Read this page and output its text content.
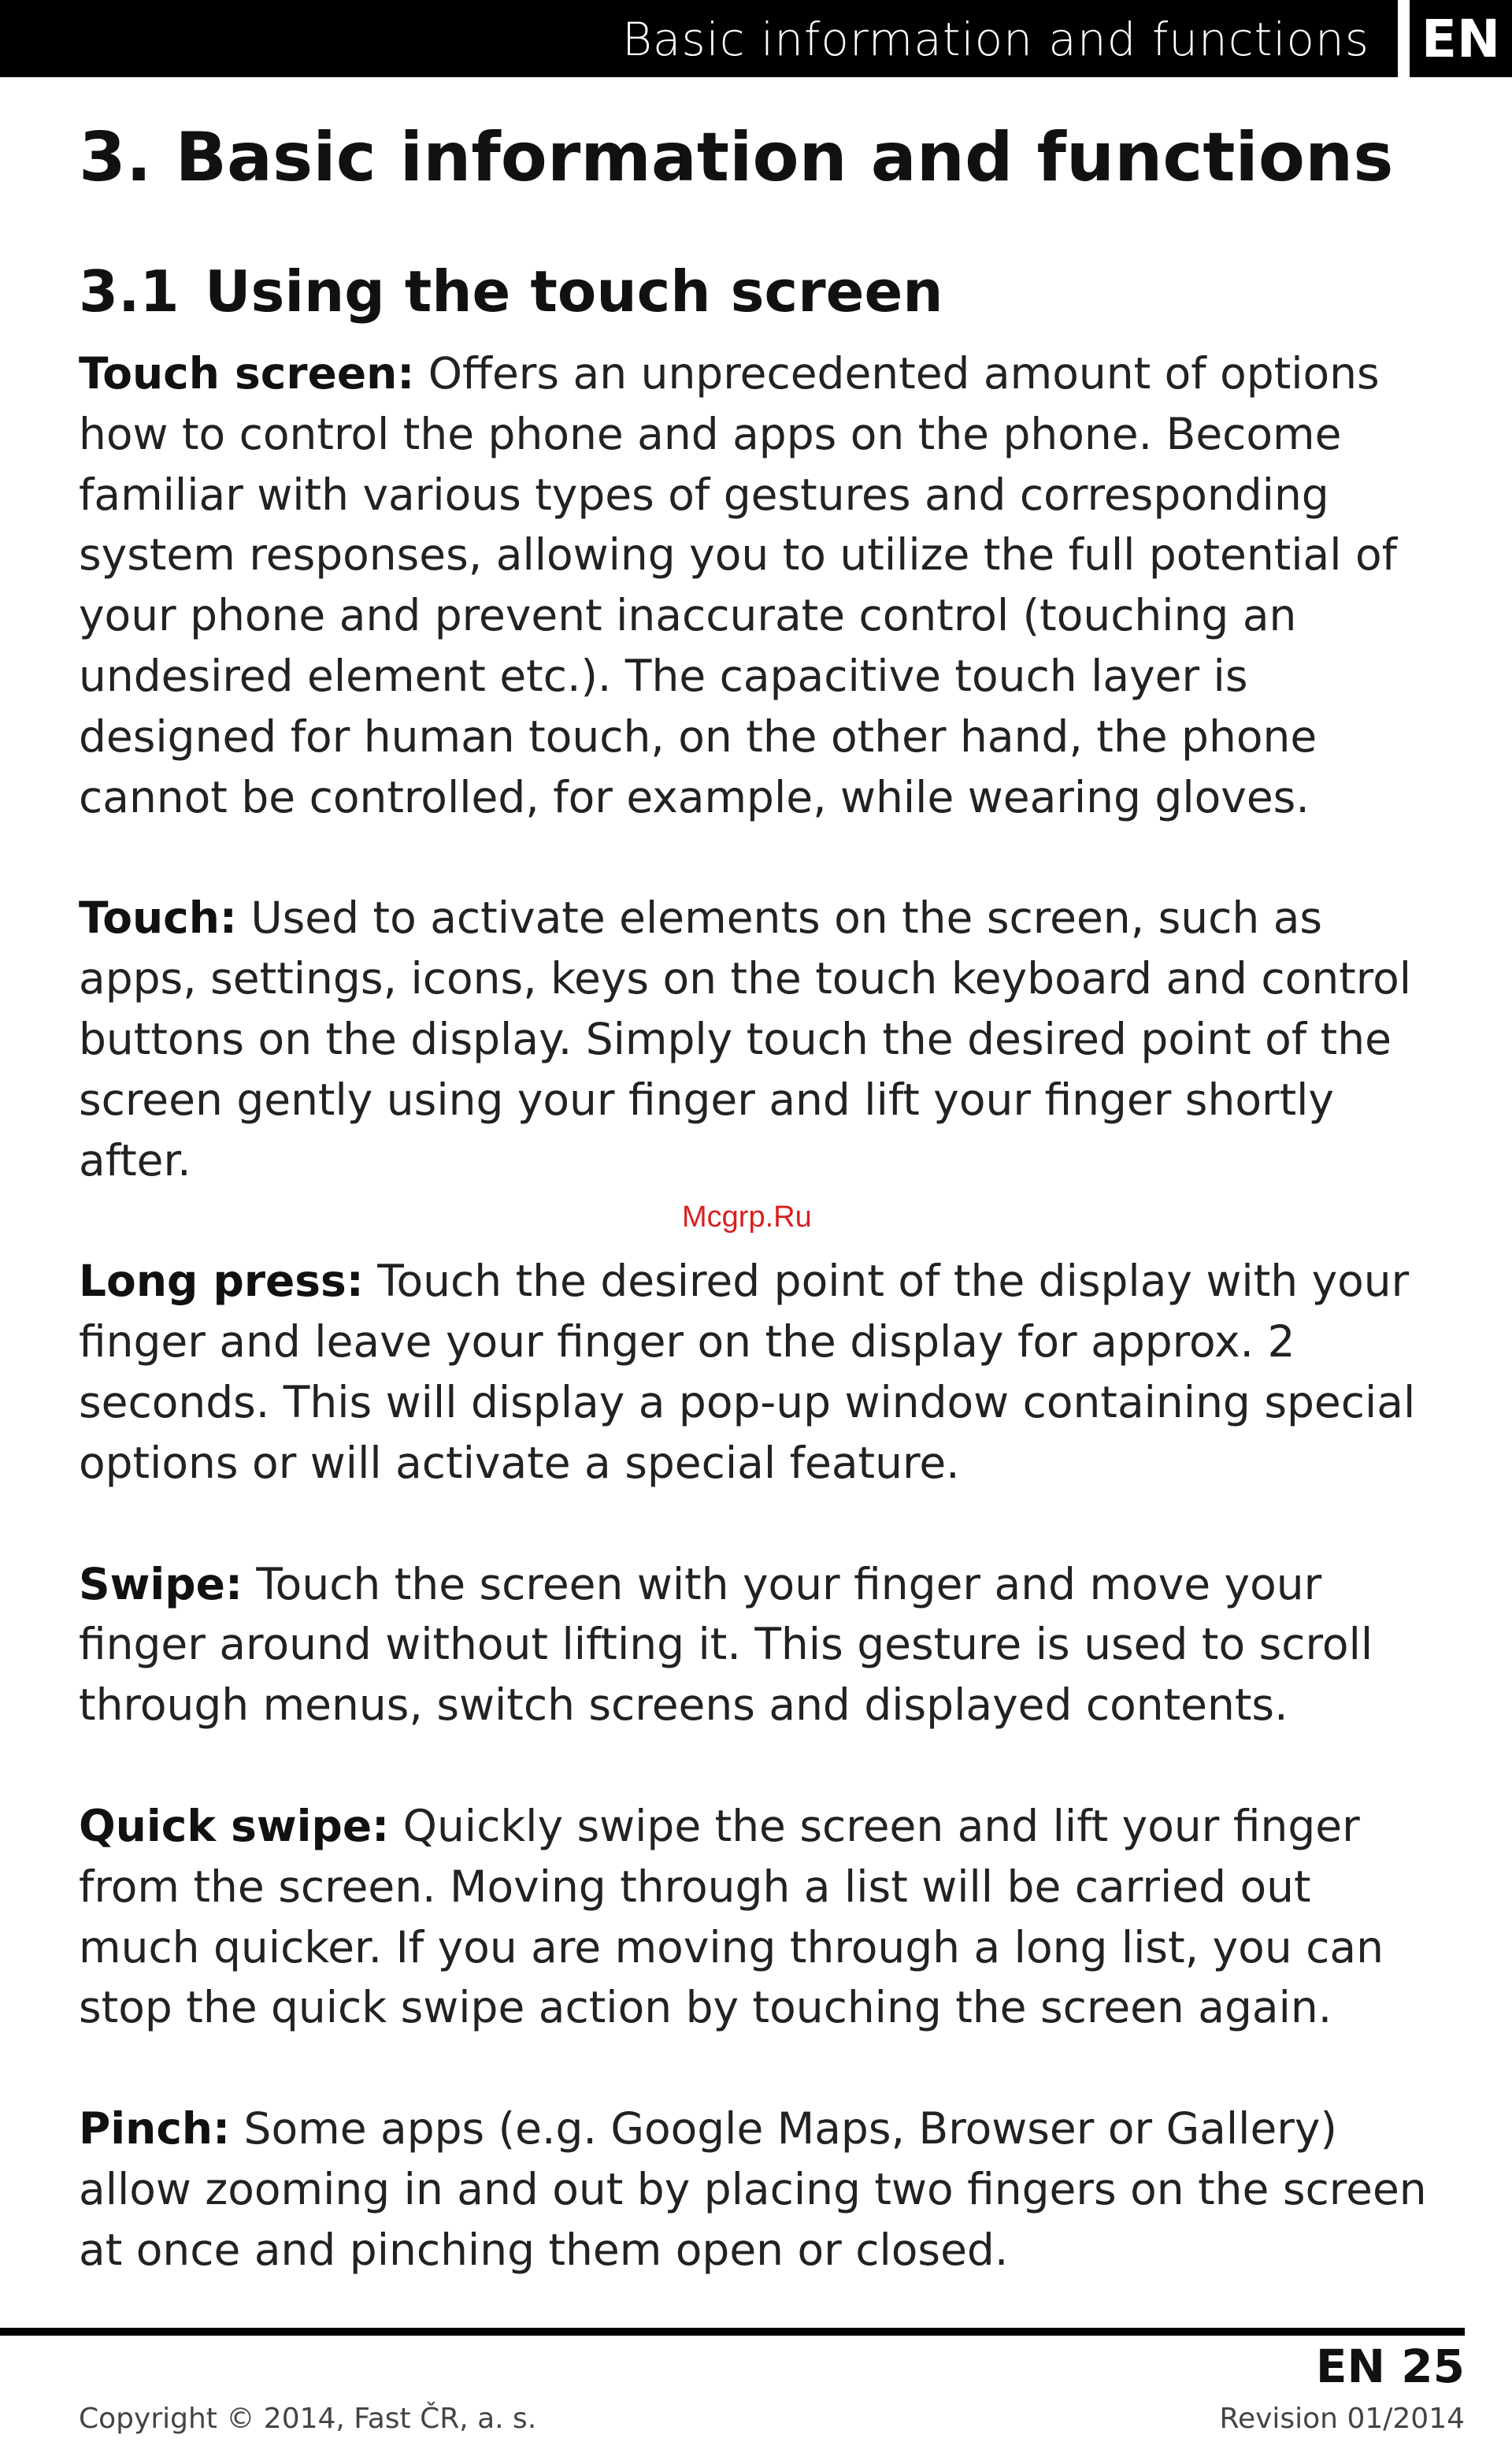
Basic information and functions EN
3. Basic information and functions
3.1 Using the touch screen

Touch screen: Offers an unprecedented amount of options how to control the phone and apps on the phone. Become familiar with various types of gestures and corresponding system responses, allowing you to utilize the full potential of your phone and prevent inaccurate control (touching an undesired element etc.). The capacitive touch layer is designed for human touch, on the other hand, the phone cannot be controlled, for example, while wearing gloves.

Touch: Used to activate elements on the screen, such as apps, settings, icons, keys on the touch keyboard and control buttons on the display. Simply touch the desired point of the screen gently using your finger and lift your finger shortly after.

Long press: Touch the desired point of the display with your finger and leave your finger on the display for approx. 2 seconds. This will display a pop-up window containing special options or will activate a special feature.

Swipe: Touch the screen with your finger and move your finger around without lifting it. This gesture is used to scroll through menus, switch screens and displayed contents.

Quick swipe: Quickly swipe the screen and lift your finger from the screen. Moving through a list will be carried out much quicker. If you are moving through a long list, you can stop the quick swipe action by touching the screen again.

Pinch: Some apps (e.g. Google Maps, Browser or Gallery) allow zooming in and out by placing two fingers on the screen at once and pinching them open or closed.

Mcgrp.Ru
EN 25
Copyright © 2014, Fast ČR, a. s.	Revision 01/2014
